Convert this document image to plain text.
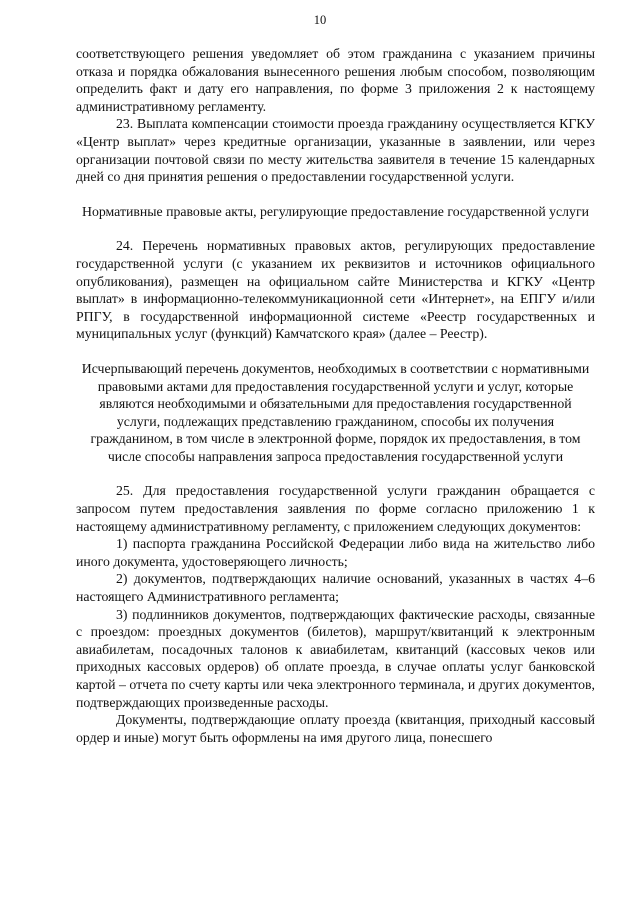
10

соответствующего решения уведомляет об этом гражданина с указанием причины отказа и порядка обжалования вынесенного решения любым способом, позволяющим определить факт и дату его направления, по форме 3 приложения 2 к настоящему административному регламенту.

23. Выплата компенсации стоимости проезда гражданину осуществляется КГКУ «Центр выплат» через кредитные организации, указанные в заявлении, или через организации почтовой связи по месту жительства заявителя в течение 15 календарных дней со дня принятия решения о предоставлении государственной услуги.

Нормативные правовые акты, регулирующие предоставление государственной услуги

24. Перечень нормативных правовых актов, регулирующих предоставление государственной услуги (с указанием их реквизитов и источников официального опубликования), размещен на официальном сайте Министерства и КГКУ «Центр выплат» в информационно-телекоммуникационной сети «Интернет», на ЕПГУ и/или РПГУ, в государственной информационной системе «Реестр государственных и муниципальных услуг (функций) Камчатского края» (далее – Реестр).

Исчерпывающий перечень документов, необходимых в соответствии с нормативными правовыми актами для предоставления государственной услуги и услуг, которые являются необходимыми и обязательными для предоставления государственной услуги, подлежащих представлению гражданином, способы их получения гражданином, в том числе в электронной форме, порядок их предоставления, в том числе способы направления запроса предоставления государственной услуги

25. Для предоставления государственной услуги гражданин обращается с запросом путем предоставления заявления по форме согласно приложению 1 к настоящему административному регламенту, с приложением следующих документов:

1) паспорта гражданина Российской Федерации либо вида на жительство либо иного документа, удостоверяющего личность;

2) документов, подтверждающих наличие оснований, указанных в частях 4–6 настоящего Административного регламента;

3) подлинников документов, подтверждающих фактические расходы, связанные с проездом: проездных документов (билетов), маршрут/квитанций к электронным авиабилетам, посадочных талонов к авиабилетам, квитанций (кассовых чеков или приходных кассовых ордеров) об оплате проезда, в случае оплаты услуг банковской картой – отчета по счету карты или чека электронного терминала, и других документов, подтверждающих произведенные расходы.

Документы, подтверждающие оплату проезда (квитанция, приходный кассовый ордер и иные) могут быть оформлены на имя другого лица, понесшего
